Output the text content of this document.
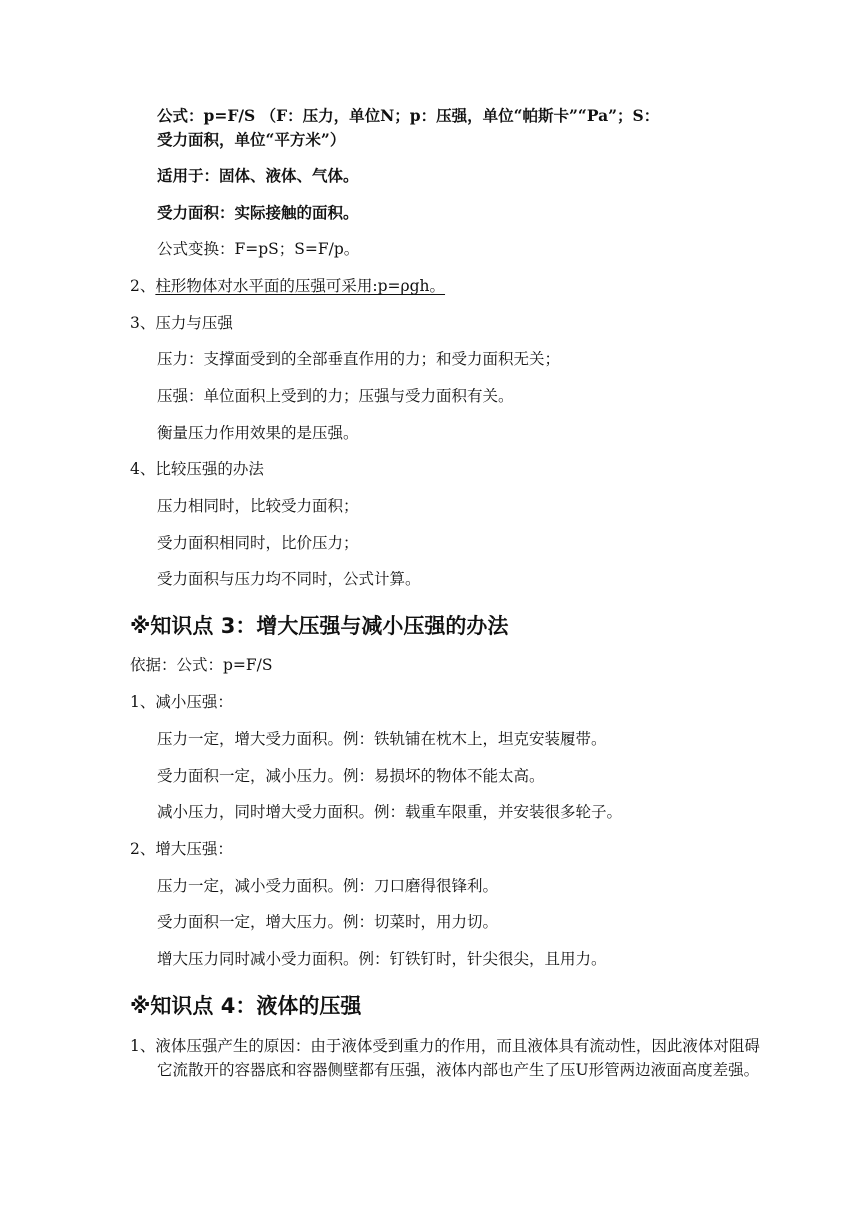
公式：p=F/S （F：压力，单位N；p：压强，单位“帕斯卡”“Pa”；S：
受力面积，单位“平方米”）
适用于：固体、液体、气体。
受力面积：实际接触的面积。
公式变换：F=pS；S=F/p。
2、柱形物体对水平面的压强可采用:p=ρgh。
3、压力与压强
压力：支撑面受到的全部垂直作用的力；和受力面积无关；
压强：单位面积上受到的力；压强与受力面积有关。
衡量压力作用效果的是压强。
4、比较压强的办法
压力相同时，比较受力面积；
受力面积相同时，比价压力；
受力面积与压力均不同时，公式计算。
※知识点 3：增大压强与减小压强的办法
依据：公式：p=F/S
1、减小压强：
压力一定，增大受力面积。例：铁轨铺在枕木上，坦克安装履带。
受力面积一定，减小压力。例：易损坏的物体不能太高。
减小压力，同时增大受力面积。例：载重车限重，并安装很多轮子。
2、增大压强：
压力一定，减小受力面积。例：刀口磨得很锋利。
受力面积一定，增大压力。例：切菜时，用力切。
增大压力同时减小受力面积。例：钉铁钉时，针尖很尖，且用力。
※知识点 4：液体的压强
1、液体压强产生的原因：由于液体受到重力的作用，而且液体具有流动性，因此液体对阻碍它流散开的容器底和容器侧壁都有压强，液体内部也产生了压U形管两边液面高度差强。
